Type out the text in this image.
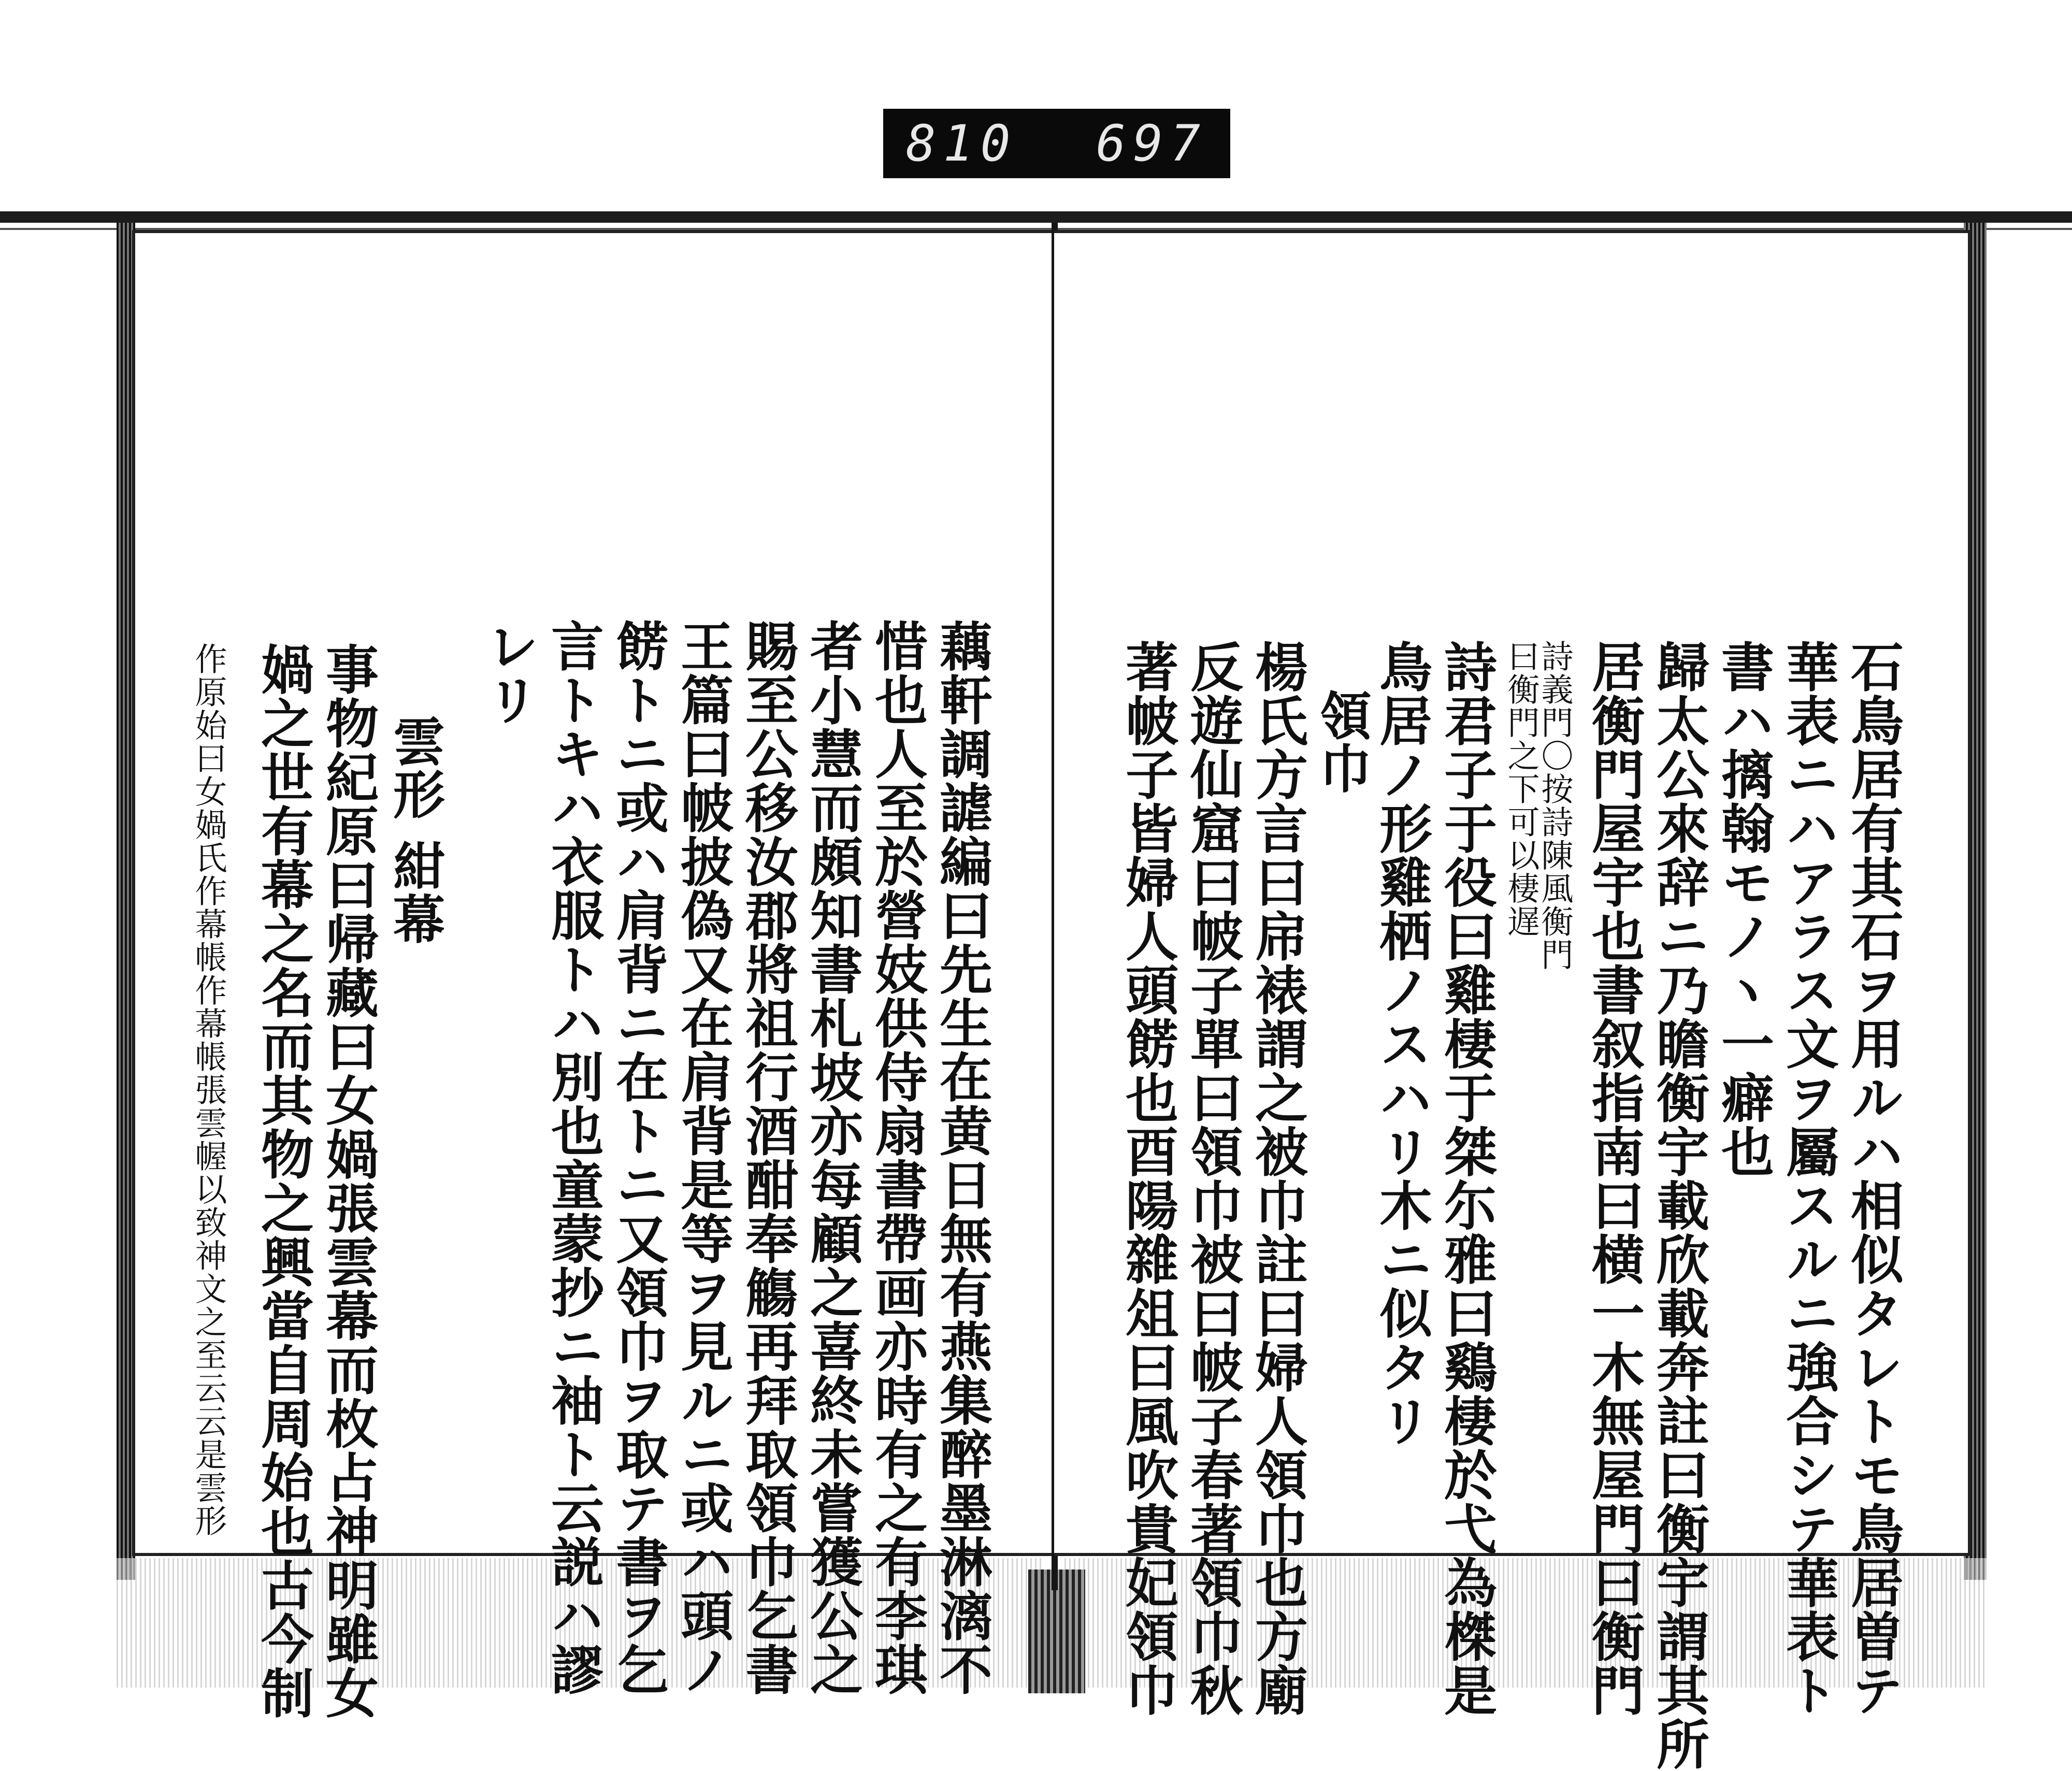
810 697
藕軒調謔編曰先生在黄日無有燕集醉墨淋漓不
惜也人至於營妓供侍扇書帶画亦時有之有李琪
者小慧而頗知書札坡亦每顧之喜終未嘗獲公之
賜至公移汝郡將祖行酒酣奉觴再拜取領巾乞書
王篇曰帔披偽又在肩背是等ヲ見ルニ或ハ頭ノ
餝トニ或ハ肩背ニ在トニ又領巾ヲ取テ書ヲ乞
言トキハ衣服トハ別也童蒙抄ニ袖ト云説ハ謬
レリ
雲形 紺幕
事物紀原曰帰藏曰女媧張雲幕而枚占神明雖女
媧之世有幕之名而其物之興當自周始也古今制
作原始曰女媧氏作幕帳作幕帳張雲幄以致神文之至云云是雲形	石鳥居有其石ヲ用ルハ相似タレトモ鳥居曽テ
華表ニハアラス文ヲ屬スルニ強合シテ華表ト
書ハ摛翰モノヽ一癖也
歸太公來辞ニ乃瞻衡宇載欣載奔註曰衡宇謂其所
居衡門屋宇也書叙指南曰横一木無屋門曰衡門
詩義門〇按詩陳風衡門
曰衡門之下可以棲遅
詩君子于役曰雞棲于桀尓雅曰鷄棲於弋為榤是
鳥居ノ形雞栖ノスハリ木ニ似タリ
領巾
楊氏方言曰帍裱謂之被巾註曰婦人領巾也方廟
反遊仙窟曰帔子單曰領巾被曰帔子春著領巾秋
著帔子皆婦人頭餝也酉陽雜俎曰風吹貴妃領巾
